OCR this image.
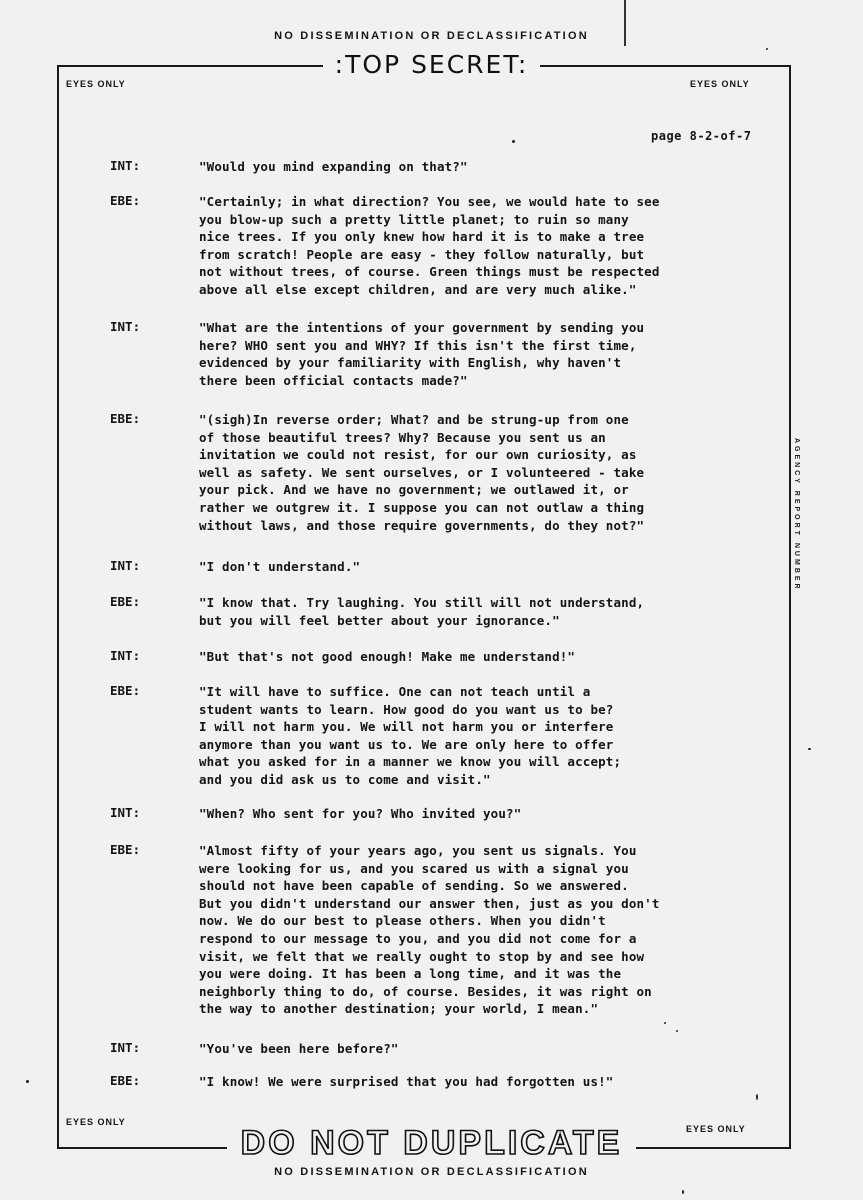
NO DISSEMINATION OR DECLASSIFICATION
:TOP SECRET:
EYES ONLY	EYES ONLY
page 8-2-of-7
AGENCY REPORT NUMBER
INT:	"Would you mind expanding on that?"
EBE:	"Certainly; in what direction? You see, we would hate to see
you blow-up such a pretty little planet; to ruin so many
nice trees. If you only knew how hard it is to make a tree
from scratch! People are easy - they follow naturally, but
not without trees, of course. Green things must be respected
above all else except children, and are very much alike."
INT:	"What are the intentions of your government by sending you
here? WHO sent you and WHY? If this isn't the first time,
evidenced by your familiarity with English, why haven't
there been official contacts made?"
EBE:	"(sigh)In reverse order; What? and be strung-up from one
of those beautiful trees? Why? Because you sent us an
invitation we could not resist, for our own curiosity, as
well as safety. We sent ourselves, or I volunteered - take
your pick. And we have no government; we outlawed it, or
rather we outgrew it. I suppose you can not outlaw a thing
without laws, and those require governments, do they not?"
INT:	"I don't understand."
EBE:	"I know that. Try laughing. You still will not understand,
but you will feel better about your ignorance."
INT:	"But that's not good enough! Make me understand!"
EBE:	"It will have to suffice. One can not teach until a
student wants to learn. How good do you want us to be?
I will not harm you. We will not harm you or interfere
anymore than you want us to. We are only here to offer
what you asked for in a manner we know you will accept;
and you did ask us to come and visit."
INT:	"When? Who sent for you? Who invited you?"
EBE:	"Almost fifty of your years ago, you sent us signals. You
were looking for us, and you scared us with a signal you
should not have been capable of sending. So we answered.
But you didn't understand our answer then, just as you don't
now. We do our best to please others. When you didn't
respond to our message to you, and you did not come for a
visit, we felt that we really ought to stop by and see how
you were doing. It has been a long time, and it was the
neighborly thing to do, of course. Besides, it was right on
the way to another destination; your world, I mean."
INT:	"You've been here before?"
EBE:	"I know! We were surprised that you had forgotten us!"
EYES ONLY
EYES ONLY
DO NOT DUPLICATE
NO DISSEMINATION OR DECLASSIFICATION
